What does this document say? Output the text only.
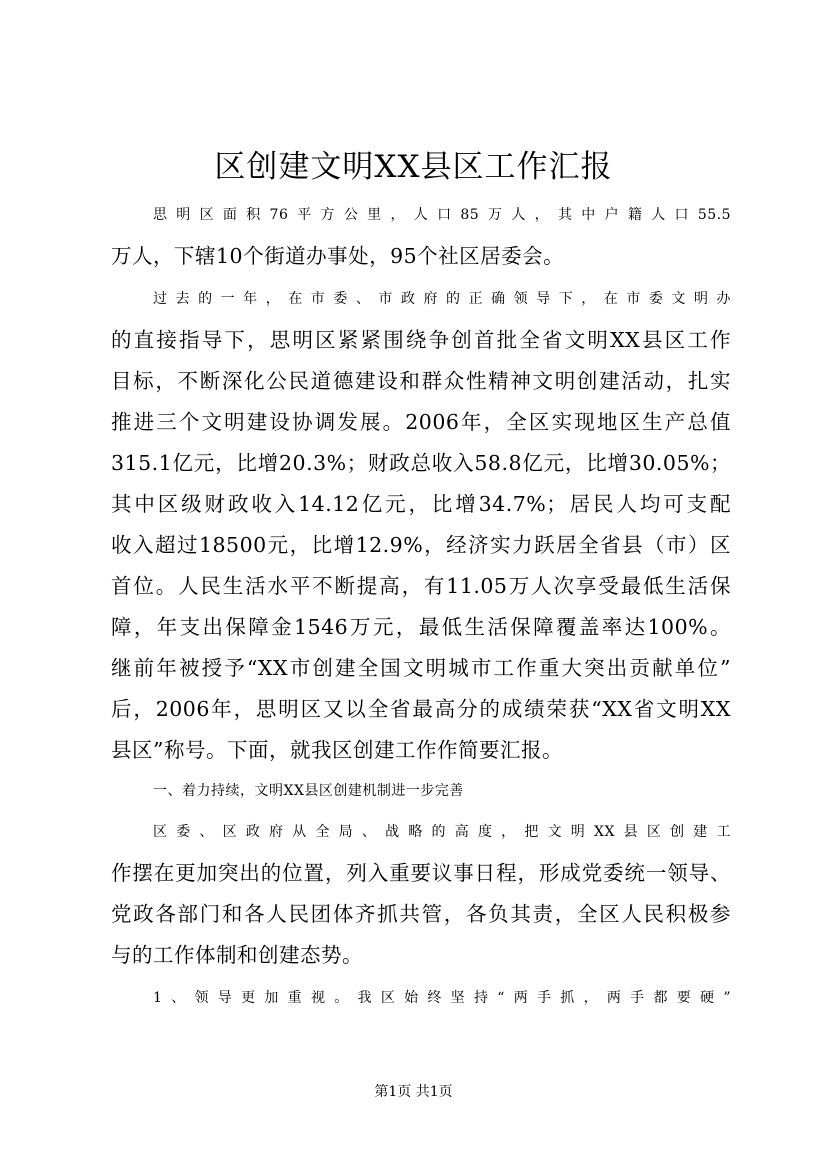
区创建文明XX县区工作汇报
思明区面积76平方公里，人口85万人，其中户籍人口55.5
万人，下辖10个街道办事处，95个社区居委会。
过去的一年，在市委、市政府的正确领导下，在市委文明办
的直接指导下，思明区紧紧围绕争创首批全省文明XX县区工作
目标，不断深化公民道德建设和群众性精神文明创建活动，扎实
推进三个文明建设协调发展。2006年，全区实现地区生产总值
315.1亿元，比增20.3%；财政总收入58.8亿元，比增30.05%；
其中区级财政收入14.12亿元，比增34.7%；居民人均可支配
收入超过18500元，比增12.9%，经济实力跃居全省县（市）区
首位。人民生活水平不断提高，有11.05万人次享受最低生活保
障，年支出保障金1546万元，最低生活保障覆盖率达100%。
继前年被授予“XX市创建全国文明城市工作重大突出贡献单位”
后，2006年，思明区又以全省最高分的成绩荣获“XX省文明XX
县区”称号。下面，就我区创建工作作简要汇报。
一、着力持续，文明XX县区创建机制进一步完善
区委、区政府从全局、战略的高度，把文明XX县区创建工
作摆在更加突出的位置，列入重要议事日程，形成党委统一领导、
党政各部门和各人民团体齐抓共管，各负其责，全区人民积极参
与的工作体制和创建态势。
1、领导更加重视。我区始终坚持“两手抓，两手都要硬”
第1页 共1页
